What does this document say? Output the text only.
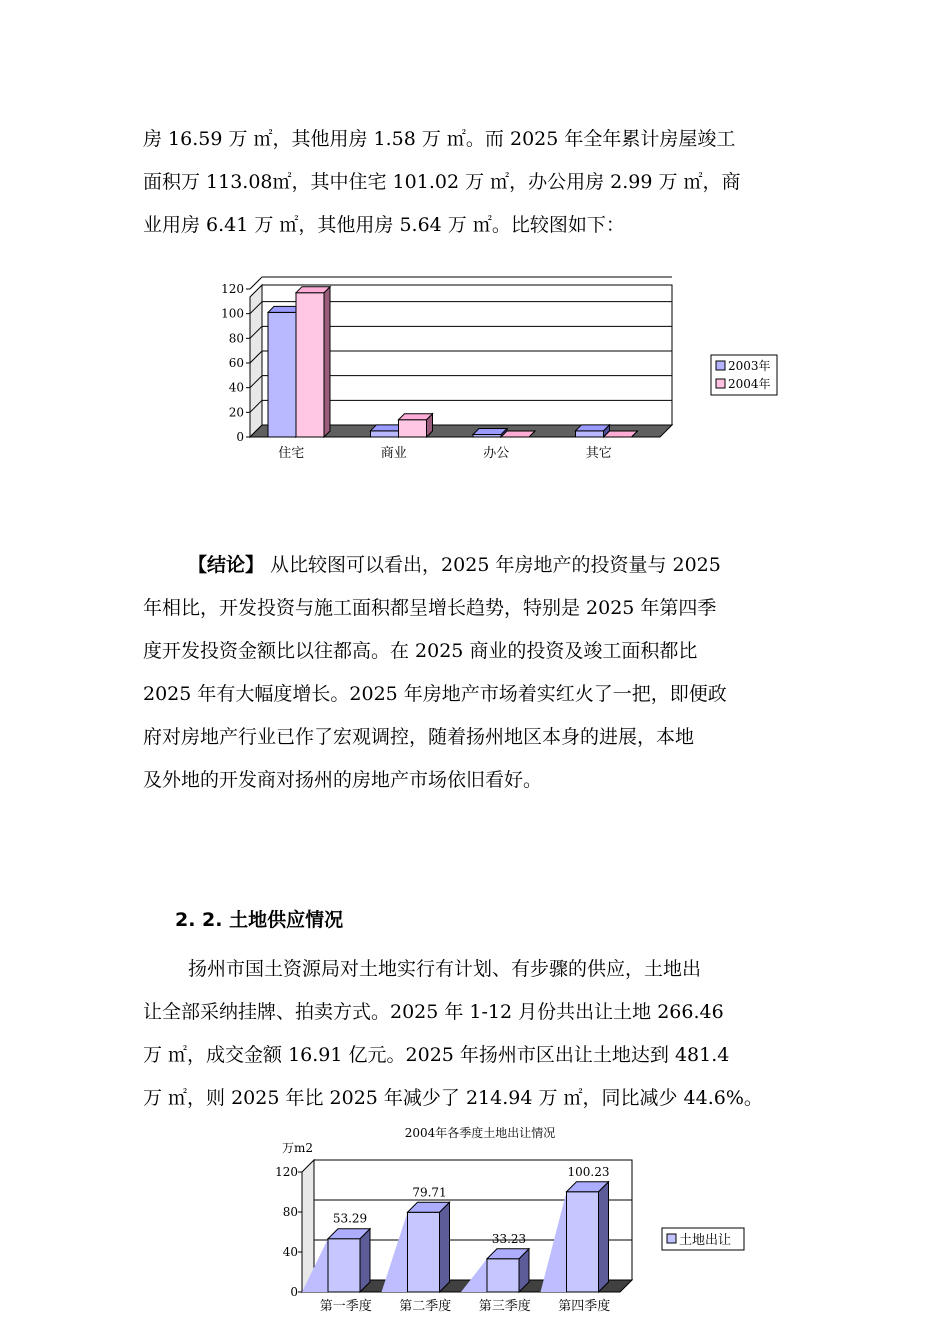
房 16.59 万 ㎡，其他用房 1.58 万 ㎡。而 2025 年全年累计房屋竣工

面积万 113.08㎡，其中住宅 101.02 万 ㎡，办公用房 2.99 万 ㎡，商

业用房 6.41 万 ㎡，其他用房 5.64 万 ㎡。比较图如下：

0
20
40
60
80
100
120
住宅	商业	办公	其它
2003年
2004年

【结论】 从比较图可以看出，2025 年房地产的投资量与 2025

年相比，开发投资与施工面积都呈增长趋势，特别是 2025 年第四季

度开发投资金额比以往都高。在 2025 商业的投资及竣工面积都比

2025 年有大幅度增长。2025 年房地产市场着实红火了一把，即便政

府对房地产行业已作了宏观调控，随着扬州地区本身的进展，本地

及外地的开发商对扬州的房地产市场依旧看好。

2. 2. 土地供应情况

扬州市国土资源局对土地实行有计划、有步骤的供应，土地出

让全部采纳挂牌、拍卖方式。2025 年 1-12 月份共出让土地 266.46

万 ㎡，成交金额 16.91 亿元。2025 年扬州市区出让土地达到 481.4

万 ㎡，则 2025 年比 2025 年减少了 214.94 万 ㎡，同比减少 44.6%。

2004年各季度土地出让情况
万m2
0
40
80
120
53.29
第一季度
79.71
第二季度
33.23
第三季度
100.23
第四季度
土地出让
